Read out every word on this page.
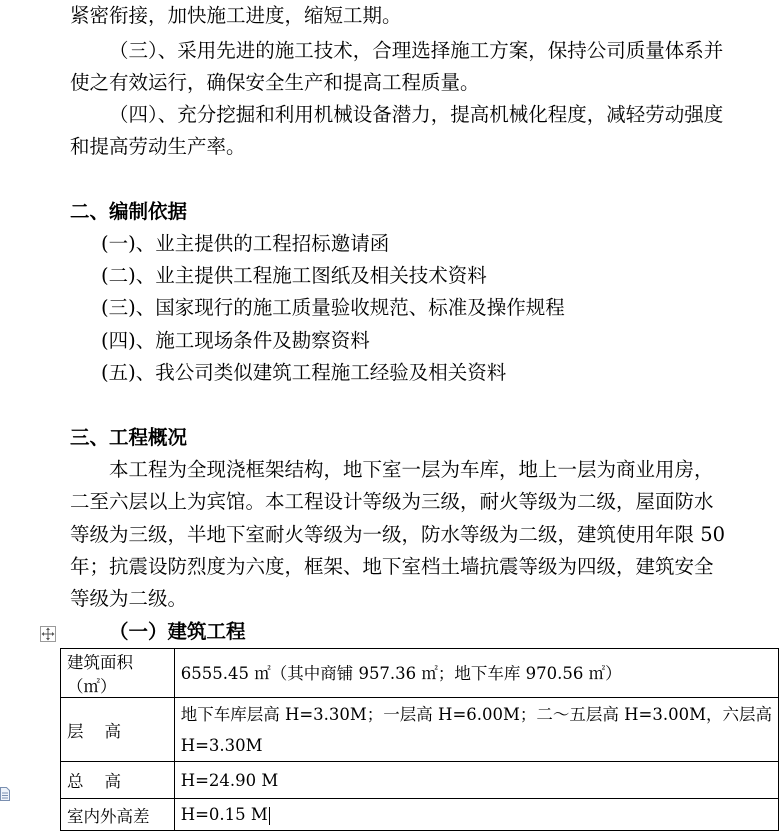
紧密衔接，加快施工进度，缩短工期。
（三）、采用先进的施工技术，合理选择施工方案，保持公司质量体系并
使之有效运行，确保安全生产和提高工程质量。
（四）、充分挖掘和利用机械设备潜力，提高机械化程度，减轻劳动强度
和提高劳动生产率。
二、编制依据
(一)、业主提供的工程招标邀请函
(二)、业主提供工程施工图纸及相关技术资料
(三)、国家现行的施工质量验收规范、标准及操作规程
(四)、施工现场条件及勘察资料
(五)、我公司类似建筑工程施工经验及相关资料
三、工程概况
本工程为全现浇框架结构，地下室一层为车库，地上一层为商业用房，
二至六层以上为宾馆。本工程设计等级为三级，耐火等级为二级，屋面防水
等级为三级，半地下室耐火等级为一级，防水等级为二级，建筑使用年限 50
年；抗震设防烈度为六度，框架、地下室档土墙抗震等级为四级，建筑安全
等级为二级。
（一）建筑工程
建筑面积（㎡）	6555.45 ㎡（其中商铺 957.36 ㎡；地下车库 970.56 ㎡）
层    高	地下车库层高 H=3.30M；一层高 H=6.00M；二～五层高 H=3.00M，六层高
H=3.30M

总    高	H=24.90 M
室内外高差	H=0.15 M
